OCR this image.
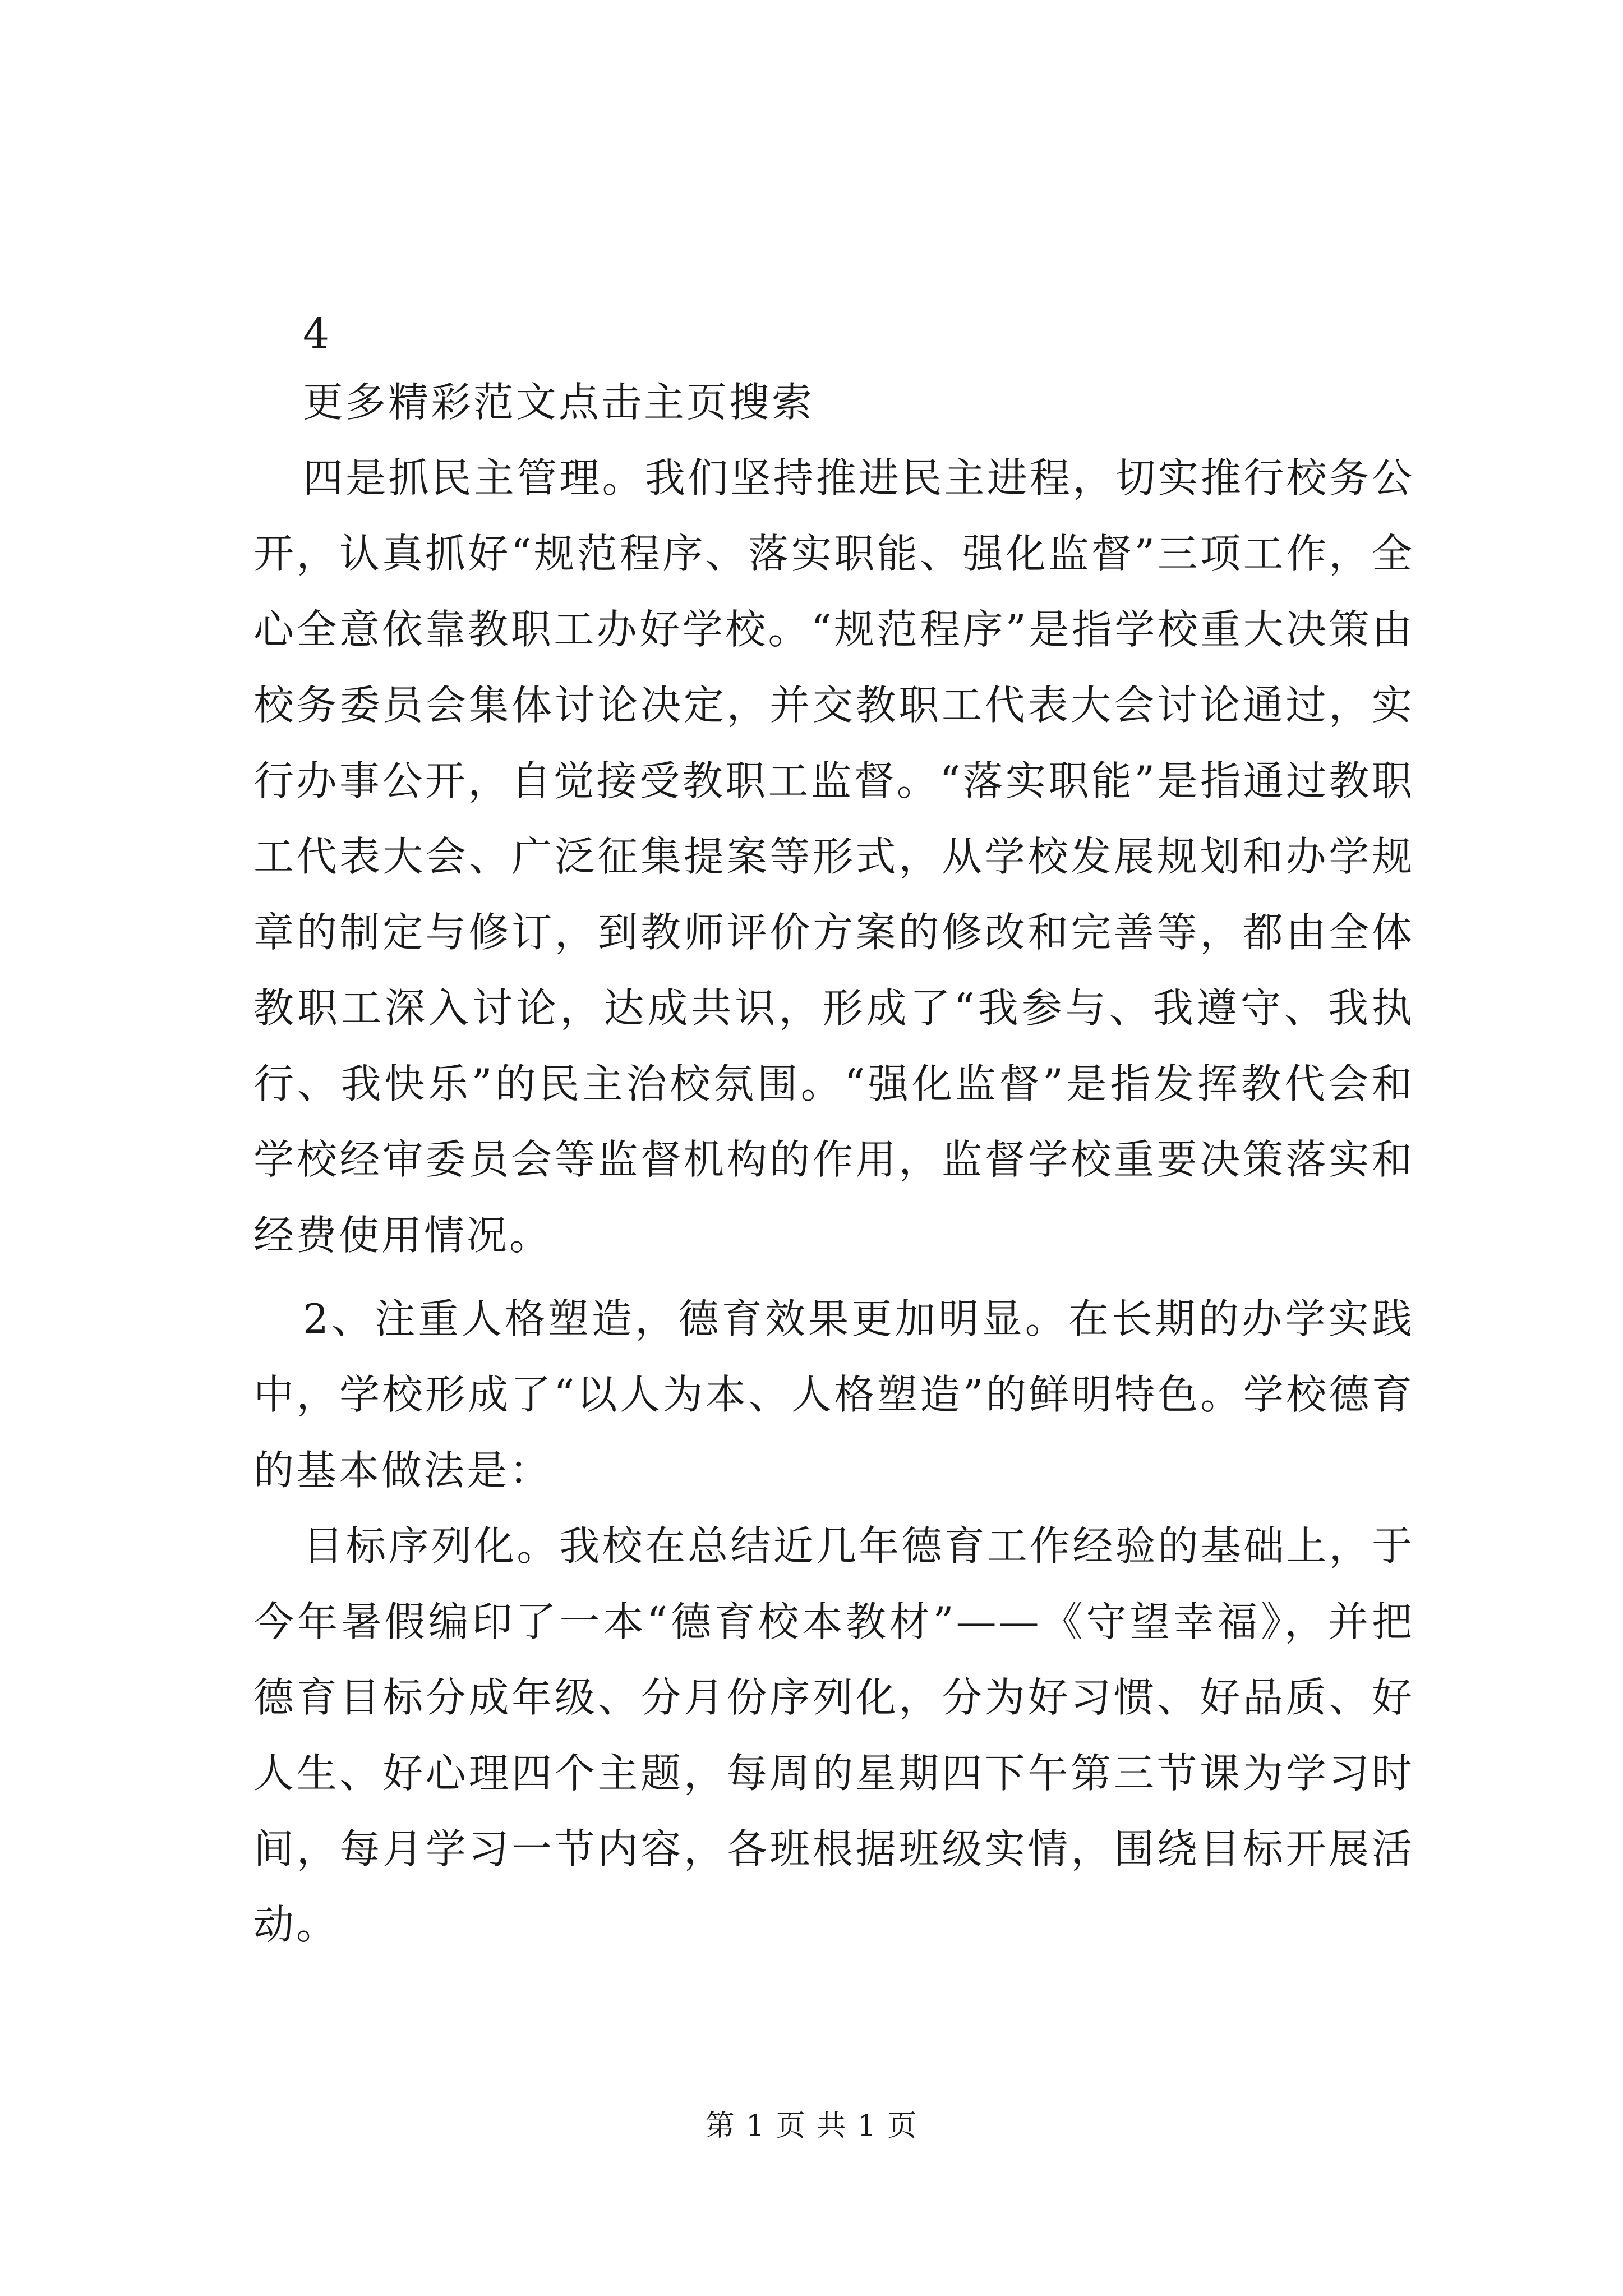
4

更多精彩范文点击主页搜索

四是抓民主管理。我们坚持推进民主进程，切实推行校务公开，认真抓好“规范程序、落实职能、强化监督”三项工作，全心全意依靠教职工办好学校。“规范程序”是指学校重大决策由校务委员会集体讨论决定，并交教职工代表大会讨论通过，实行办事公开，自觉接受教职工监督。“落实职能”是指通过教职工代表大会、广泛征集提案等形式，从学校发展规划和办学规章的制定与修订，到教师评价方案的修改和完善等，都由全体教职工深入讨论，达成共识，形成了“我参与、我遵守、我执行、我快乐”的民主治校氛围。“强化监督”是指发挥教代会和学校经审委员会等监督机构的作用，监督学校重要决策落实和经费使用情况。

2、注重人格塑造，德育效果更加明显。在长期的办学实践中，学校形成了“以人为本、人格塑造”的鲜明特色。学校德育的基本做法是：

目标序列化。我校在总结近几年德育工作经验的基础上，于今年暑假编印了一本“德育校本教材”——《守望幸福》，并把德育目标分成年级、分月份序列化，分为好习惯、好品质、好人生、好心理四个主题，每周的星期四下午第三节课为学习时间，每月学习一节内容，各班根据班级实情，围绕目标开展活动。

第 1 页 共 1 页
